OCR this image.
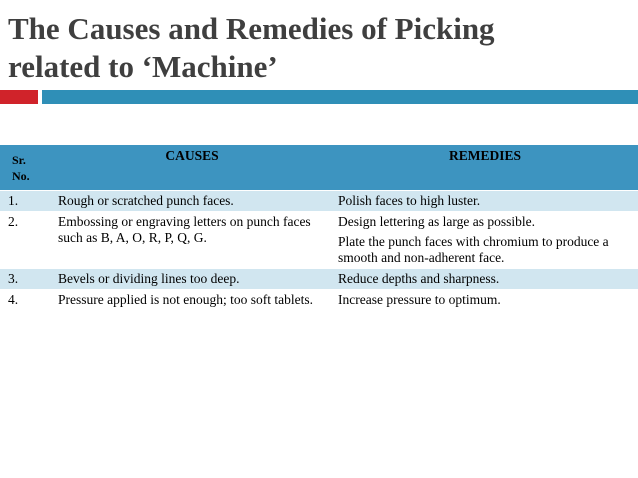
The Causes and Remedies of Picking
related to ‘Machine’
Sr.
No.	CAUSES	REMEDIES
1.	Rough or scratched punch faces.	Polish faces to high luster.
2.	Embossing or engraving letters on punch faces such as B, A, O, R, P, Q, G.	Design lettering as large as possible.
Plate the punch faces with chromium to produce a smooth and non-adherent face.

3.	Bevels or dividing lines too deep.	Reduce depths and sharpness.
4.	Pressure applied is not enough; too soft tablets.	Increase pressure to optimum.
